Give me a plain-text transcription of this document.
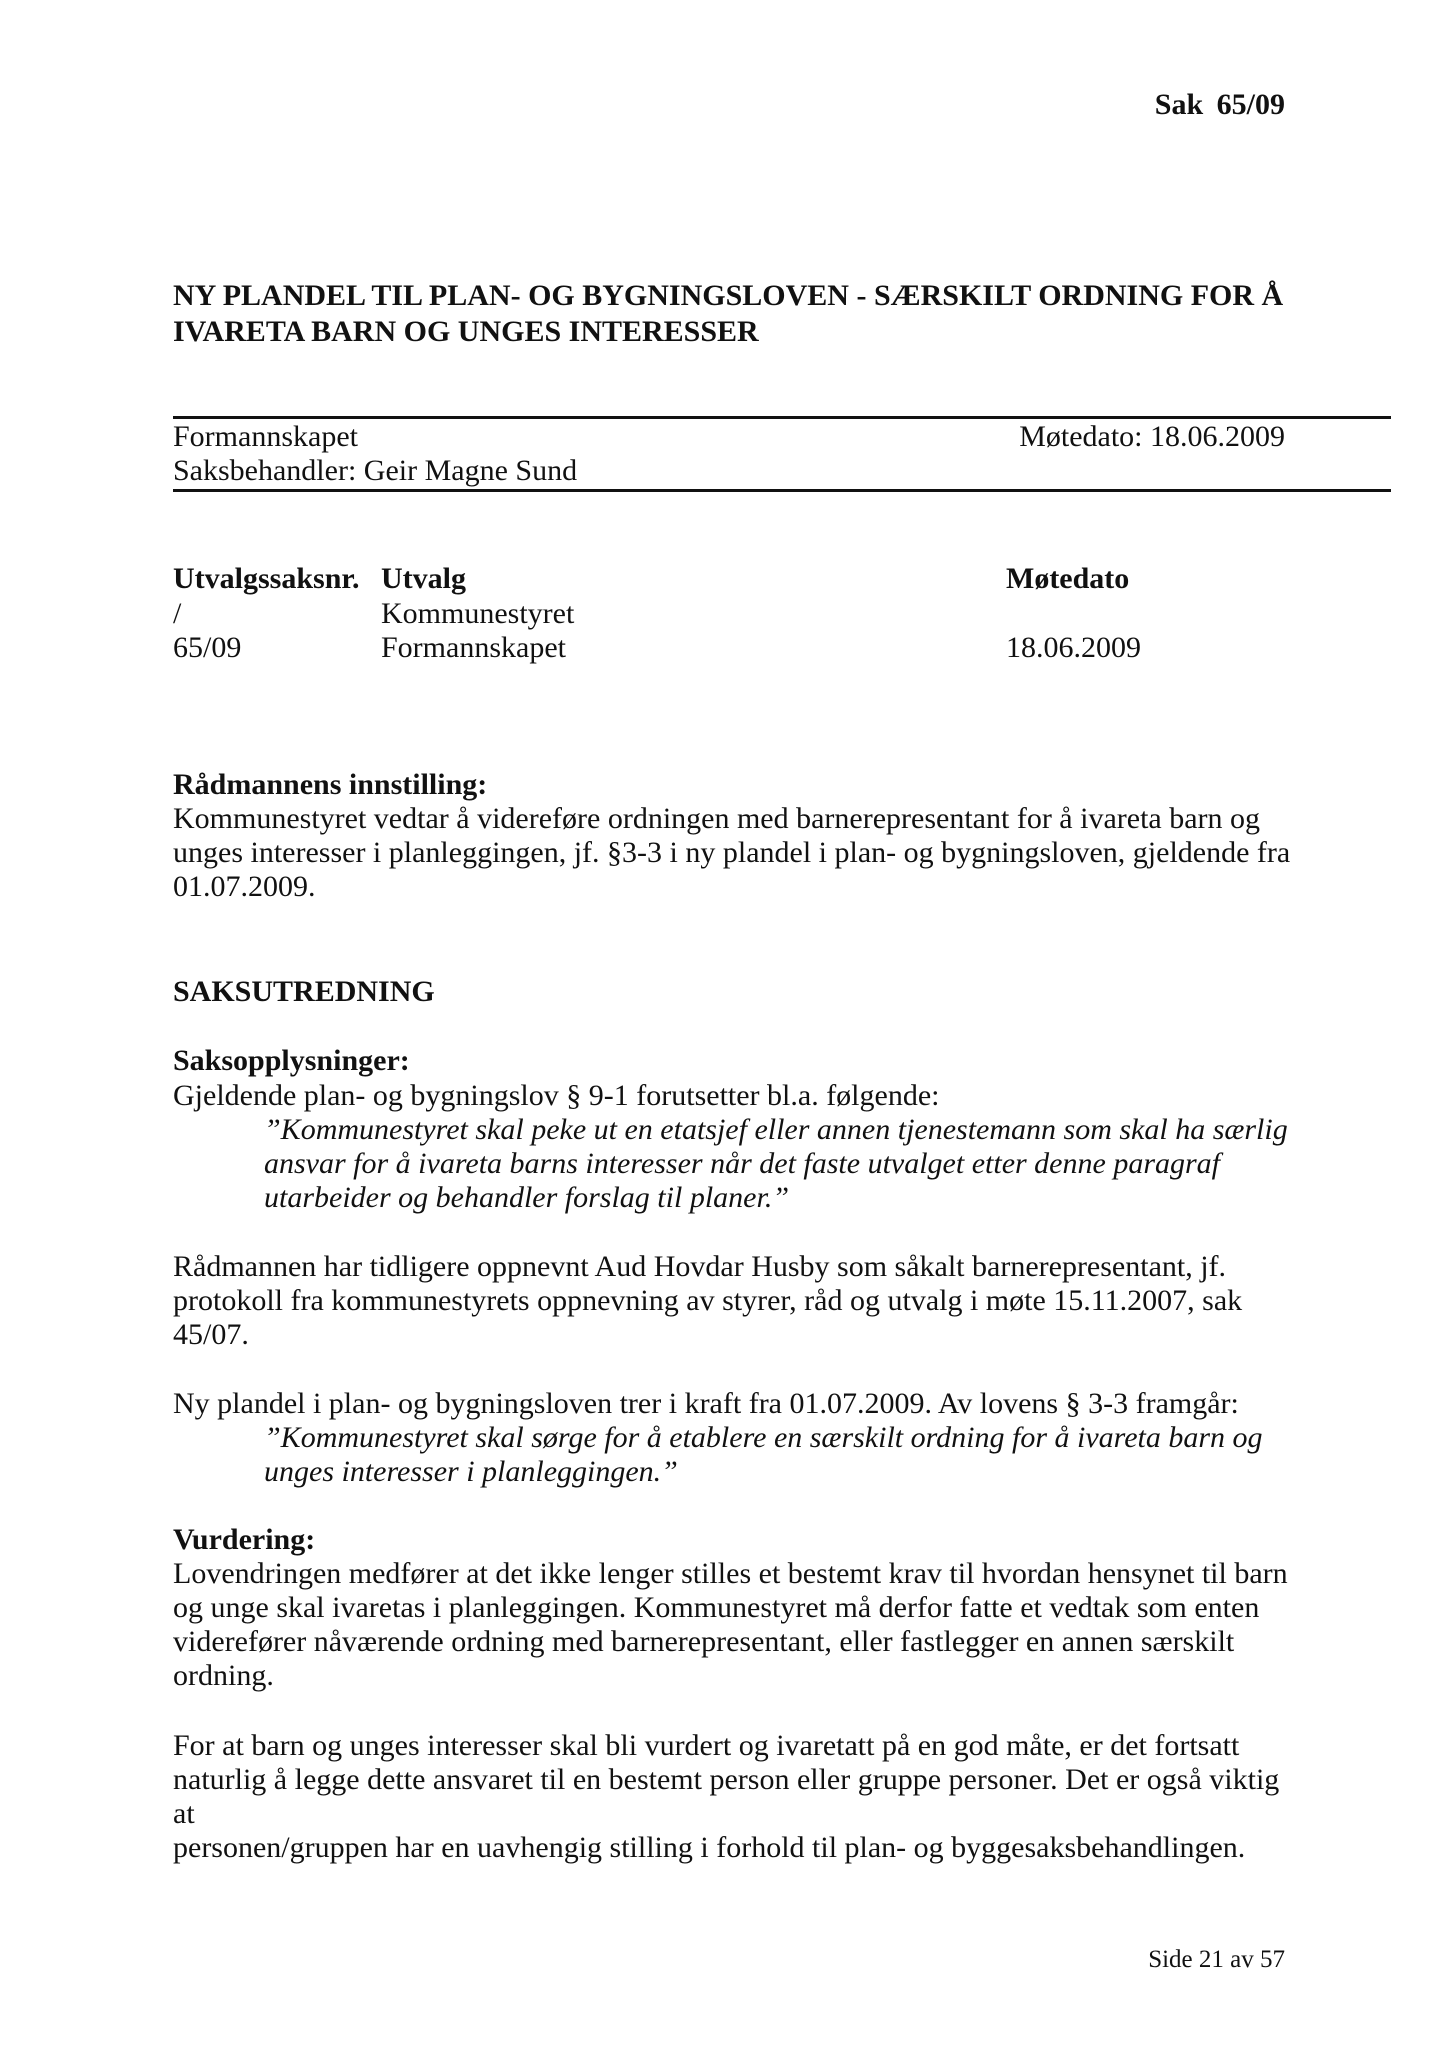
Sak 65/09
NY PLANDEL TIL PLAN- OG BYGNINGSLOVEN - SÆRSKILT ORDNING FOR Å
IVARETA BARN OG UNGES INTERESSER
Formannskapet	Møtedato: 18.06.2009
Saksbehandler: Geir Magne Sund
Utvalgssaksnr. Utvalg	Møtedato
/	Kommunestyret
65/09	Formannskapet	18.06.2009
Rådmannens innstilling:
Kommunestyret vedtar å videreføre ordningen med barnerepresentant for å ivareta barn og
unges interesser i planleggingen, jf. §3-3 i ny plandel i plan- og bygningsloven, gjeldende fra
01.07.2009.
SAKSUTREDNING
Saksopplysninger:
Gjeldende plan- og bygningslov § 9-1 forutsetter bl.a. følgende:
”Kommunestyret skal peke ut en etatsjef eller annen tjenestemann som skal ha særlig
ansvar for å ivareta barns interesser når det faste utvalget etter denne paragraf
utarbeider og behandler forslag til planer.”
Rådmannen har tidligere oppnevnt Aud Hovdar Husby som såkalt barnerepresentant, jf.
protokoll fra kommunestyrets oppnevning av styrer, råd og utvalg i møte 15.11.2007, sak
45/07.
Ny plandel i plan- og bygningsloven trer i kraft fra 01.07.2009. Av lovens § 3-3 framgår:
”Kommunestyret skal sørge for å etablere en særskilt ordning for å ivareta barn og
unges interesser i planleggingen.”
Vurdering:
Lovendringen medfører at det ikke lenger stilles et bestemt krav til hvordan hensynet til barn
og unge skal ivaretas i planleggingen. Kommunestyret må derfor fatte et vedtak som enten
viderefører nåværende ordning med barnerepresentant, eller fastlegger en annen særskilt
ordning.
For at barn og unges interesser skal bli vurdert og ivaretatt på en god måte, er det fortsatt
naturlig å legge dette ansvaret til en bestemt person eller gruppe personer. Det er også viktig at
personen/gruppen har en uavhengig stilling i forhold til plan- og byggesaksbehandlingen.
Side 21 av 57
